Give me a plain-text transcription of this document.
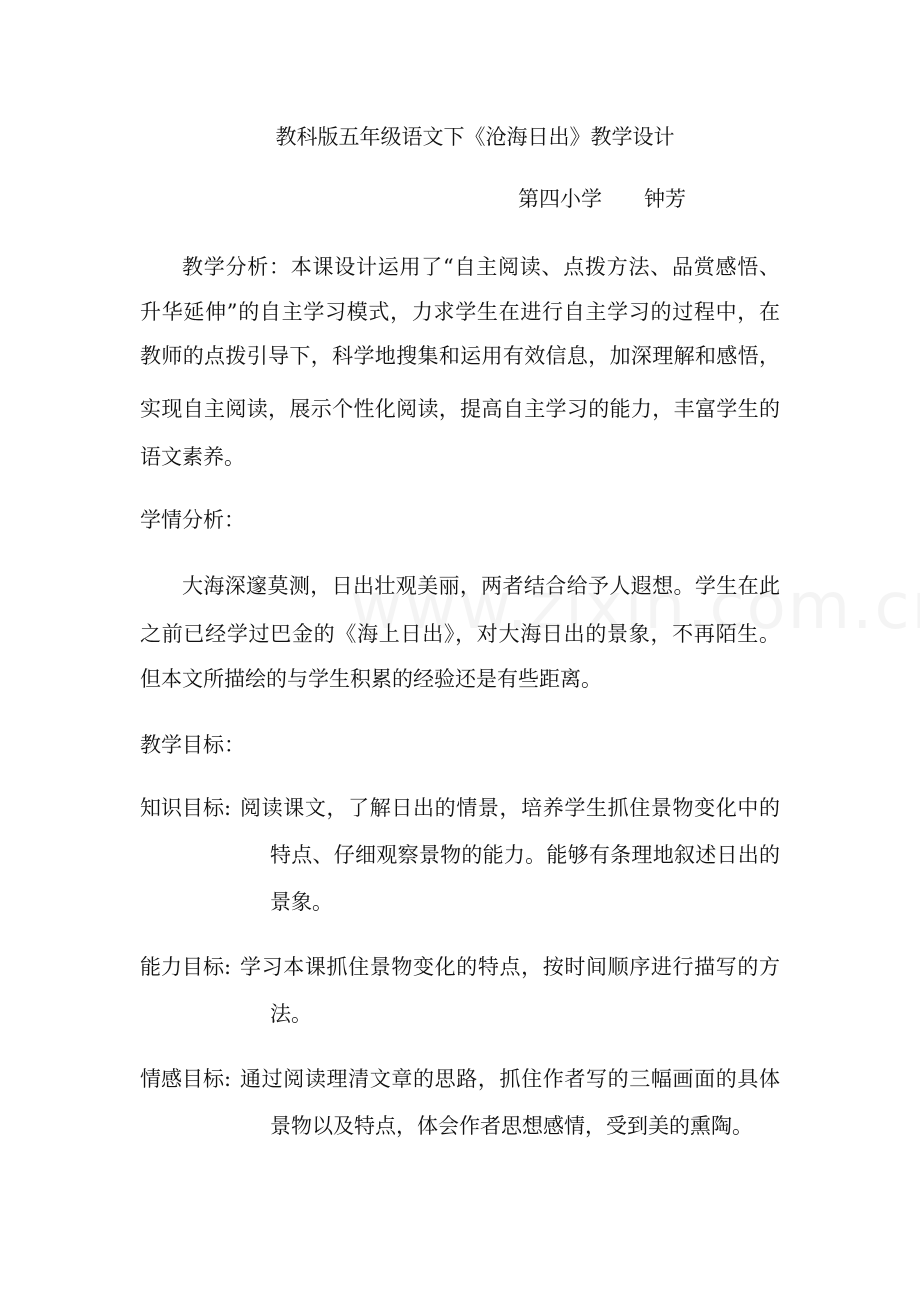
教科版五年级语文下《沧海日出》教学设计

第四小学 钟芳

教学分析：本课设计运用了“自主阅读、点拨方法、品赏感悟、

升华延伸”的自主学习模式，力求学生在进行自主学习的过程中，在

教师的点拨引导下，科学地搜集和运用有效信息，加深理解和感悟，

实现自主阅读，展示个性化阅读，提高自主学习的能力，丰富学生的

语文素养。

学情分析：

大海深邃莫测，日出壮观美丽，两者结合给予人遐想。学生在此

之前已经学过巴金的《海上日出》，对大海日出的景象，不再陌生。

但本文所描绘的与学生积累的经验还是有些距离。

教学目标：

知识目标: 阅读课文，了解日出的情景，培养学生抓住景物变化中的

特点、仔细观察景物的能力。能够有条理地叙述日出的

景象。

能力目标: 学习本课抓住景物变化的特点，按时间顺序进行描写的方

法。

情感目标: 通过阅读理清文章的思路，抓住作者写的三幅画面的具体

景物以及特点，体会作者思想感情，受到美的熏陶。
